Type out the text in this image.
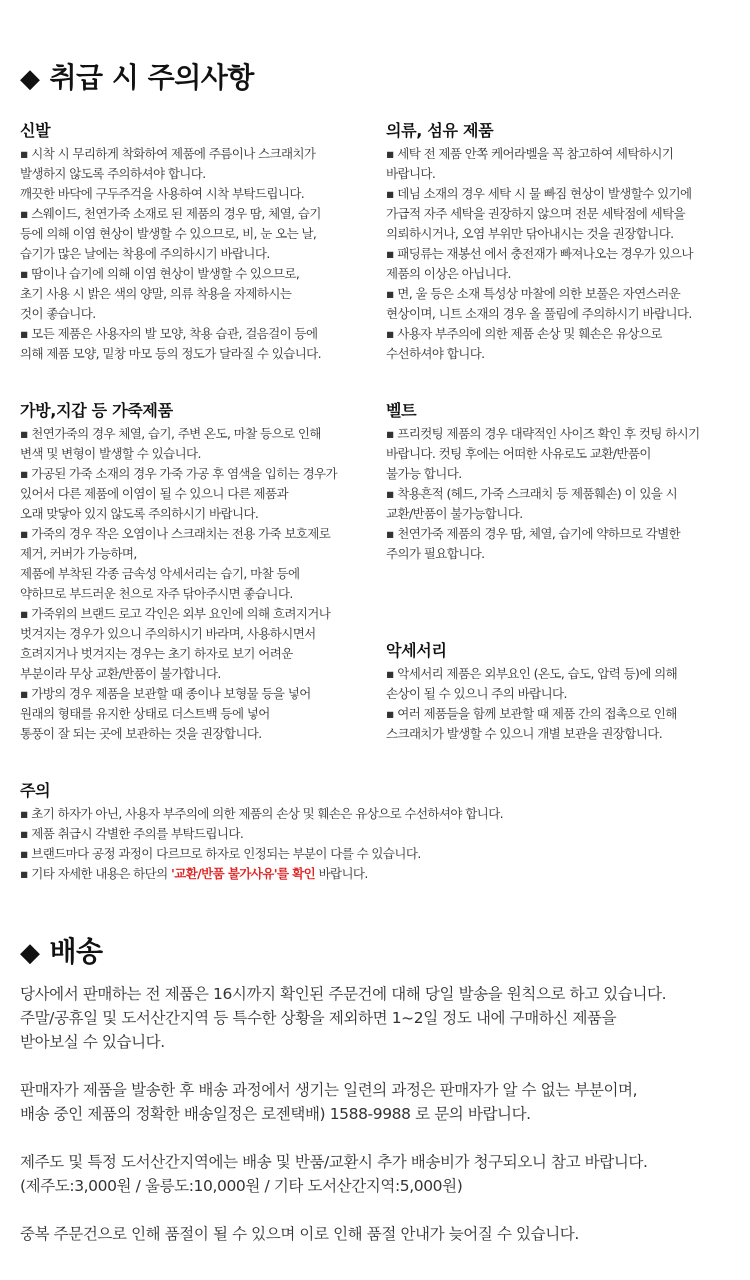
◆ 취급 시 주의사항
신발
▪ 시착 시 무리하게 착화하여 제품에 주름이나 스크래치가
발생하지 않도록 주의하셔야 합니다.
깨끗한 바닥에 구두주걱을 사용하여 시착 부탁드립니다.
▪ 스웨이드, 천연가죽 소재로 된 제품의 경우 땀, 체열, 습기
등에 의해 이염 현상이 발생할 수 있으므로, 비, 눈 오는 날,
습기가 많은 날에는 착용에 주의하시기 바랍니다.
▪ 땀이나 습기에 의해 이염 현상이 발생할 수 있으므로,
초기 사용 시 밝은 색의 양말, 의류 착용을 자제하시는
것이 좋습니다.
▪ 모든 제품은 사용자의 발 모양, 착용 습관, 걸음걸이 등에
의해 제품 모양, 밑창 마모 등의 정도가 달라질 수 있습니다.
의류, 섬유 제품
▪ 세탁 전 제품 안쪽 케어라벨을 꼭 참고하여 세탁하시기
바랍니다.
▪ 데님 소재의 경우 세탁 시 물 빠짐 현상이 발생할수 있기에
가급적 자주 세탁을 권장하지 않으며 전문 세탁점에 세탁을
의뢰하시거나, 오염 부위만 닦아내시는 것을 권장합니다.
▪ 패딩류는 재봉선 에서 충전재가 빠져나오는 경우가 있으나
제품의 이상은 아닙니다.
▪ 면, 울 등은 소재 특성상 마찰에 의한 보풀은 자연스러운
현상이며, 니트 소재의 경우 올 풀림에 주의하시기 바랍니다.
▪ 사용자 부주의에 의한 제품 손상 및 훼손은 유상으로
수선하셔야 합니다.
가방,지갑 등 가죽제품
▪ 천연가죽의 경우 체열, 습기, 주변 온도, 마찰 등으로 인해
변색 및 변형이 발생할 수 있습니다.
▪ 가공된 가죽 소재의 경우 가죽 가공 후 염색을 입히는 경우가
있어서 다른 제품에 이염이 될 수 있으니 다른 제품과
오래 맞닿아 있지 않도록 주의하시기 바랍니다.
▪ 가죽의 경우 작은 오염이나 스크래치는 전용 가죽 보호제로
제거, 커버가 가능하며,
제품에 부착된 각종 금속성 악세서리는 습기, 마찰 등에
약하므로 부드러운 천으로 자주 닦아주시면 좋습니다.
▪ 가죽위의 브랜드 로고 각인은 외부 요인에 의해 흐려지거나
벗겨지는 경우가 있으니 주의하시기 바라며, 사용하시면서
흐려지거나 벗겨지는 경우는 초기 하자로 보기 어려운
부분이라 무상 교환/반품이 불가합니다.
▪ 가방의 경우 제품을 보관할 때 종이나 보형물 등을 넣어
원래의 형태를 유지한 상태로 더스트백 등에 넣어
통풍이 잘 되는 곳에 보관하는 것을 권장합니다.
벨트
▪ 프리컷팅 제품의 경우 대략적인 사이즈 확인 후 컷팅 하시기
바랍니다. 컷팅 후에는 어떠한 사유로도 교환/반품이
불가능 합니다.
▪ 착용흔적 (헤드, 가죽 스크래치 등 제품훼손) 이 있을 시
교환/반품이 불가능합니다.
▪ 천연가죽 제품의 경우 땀, 체열, 습기에 약하므로 각별한
주의가 필요합니다.
악세서리
▪ 악세서리 제품은 외부요인 (온도, 습도, 압력 등)에 의해
손상이 될 수 있으니 주의 바랍니다.
▪ 여러 제품들을 함께 보관할 때 제품 간의 접촉으로 인해
스크래치가 발생할 수 있으니 개별 보관을 권장합니다.
주의
▪ 초기 하자가 아닌, 사용자 부주의에 의한 제품의 손상 및 훼손은 유상으로 수선하셔야 합니다.
▪ 제품 취급시 각별한 주의를 부탁드립니다.
▪ 브랜드마다 공정 과정이 다르므로 하자로 인정되는 부분이 다를 수 있습니다.
▪ 기타 자세한 내용은 하단의 '교환/반품 불가사유'를 확인 바랍니다.
◆ 배송

당사에서 판매하는 전 제품은 16시까지 확인된 주문건에 대해 당일 발송을 원칙으로 하고 있습니다.
주말/공휴일 및 도서산간지역 등 특수한 상황을 제외하면 1~2일 정도 내에 구매하신 제품을
받아보실 수 있습니다.

판매자가 제품을 발송한 후 배송 과정에서 생기는 일련의 과정은 판매자가 알 수 없는 부분이며,
배송 중인 제품의 정확한 배송일정은 로젠택배) 1588-9988 로 문의 바랍니다.

제주도 및 특정 도서산간지역에는 배송 및 반품/교환시 추가 배송비가 청구되오니 참고 바랍니다.
(제주도:3,000원 / 울릉도:10,000원 / 기타 도서산간지역:5,000원)

중복 주문건으로 인해 품절이 될 수 있으며 이로 인해 품절 안내가 늦어질 수 있습니다.
